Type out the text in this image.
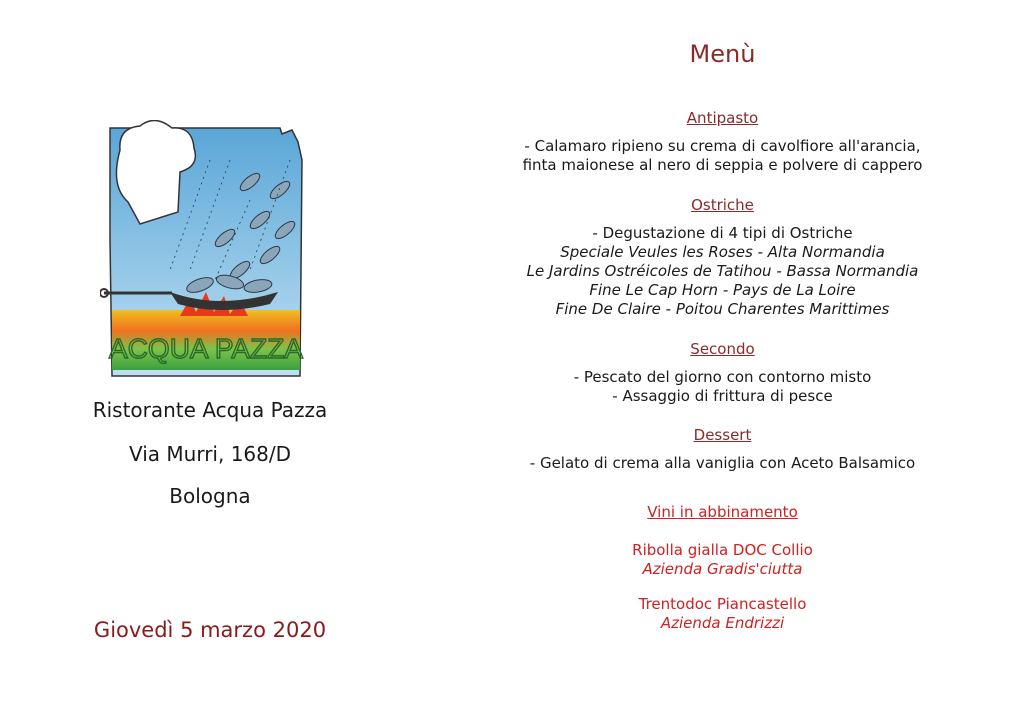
ACQUA PAZZA
Ristorante Acqua Pazza
Via Murri, 168/D
Bologna
Giovedì 5 marzo 2020
Menù
Antipasto
- Calamaro ripieno su crema di cavolfiore all'arancia,
finta maionese al nero di seppia e polvere di cappero
Ostriche
- Degustazione di 4 tipi di Ostriche
Speciale Veules les Roses - Alta Normandia
Le Jardins Ostréicoles de Tatihou - Bassa Normandia
Fine Le Cap Horn - Pays de La Loire
Fine De Claire - Poitou Charentes Marittimes
Secondo
- Pescato del giorno con contorno misto
- Assaggio di frittura di pesce
Dessert
- Gelato di crema alla vaniglia con Aceto Balsamico
Vini in abbinamento
Ribolla gialla DOC Collio
Azienda Gradis'ciutta
Trentodoc Piancastello
Azienda Endrizzi
